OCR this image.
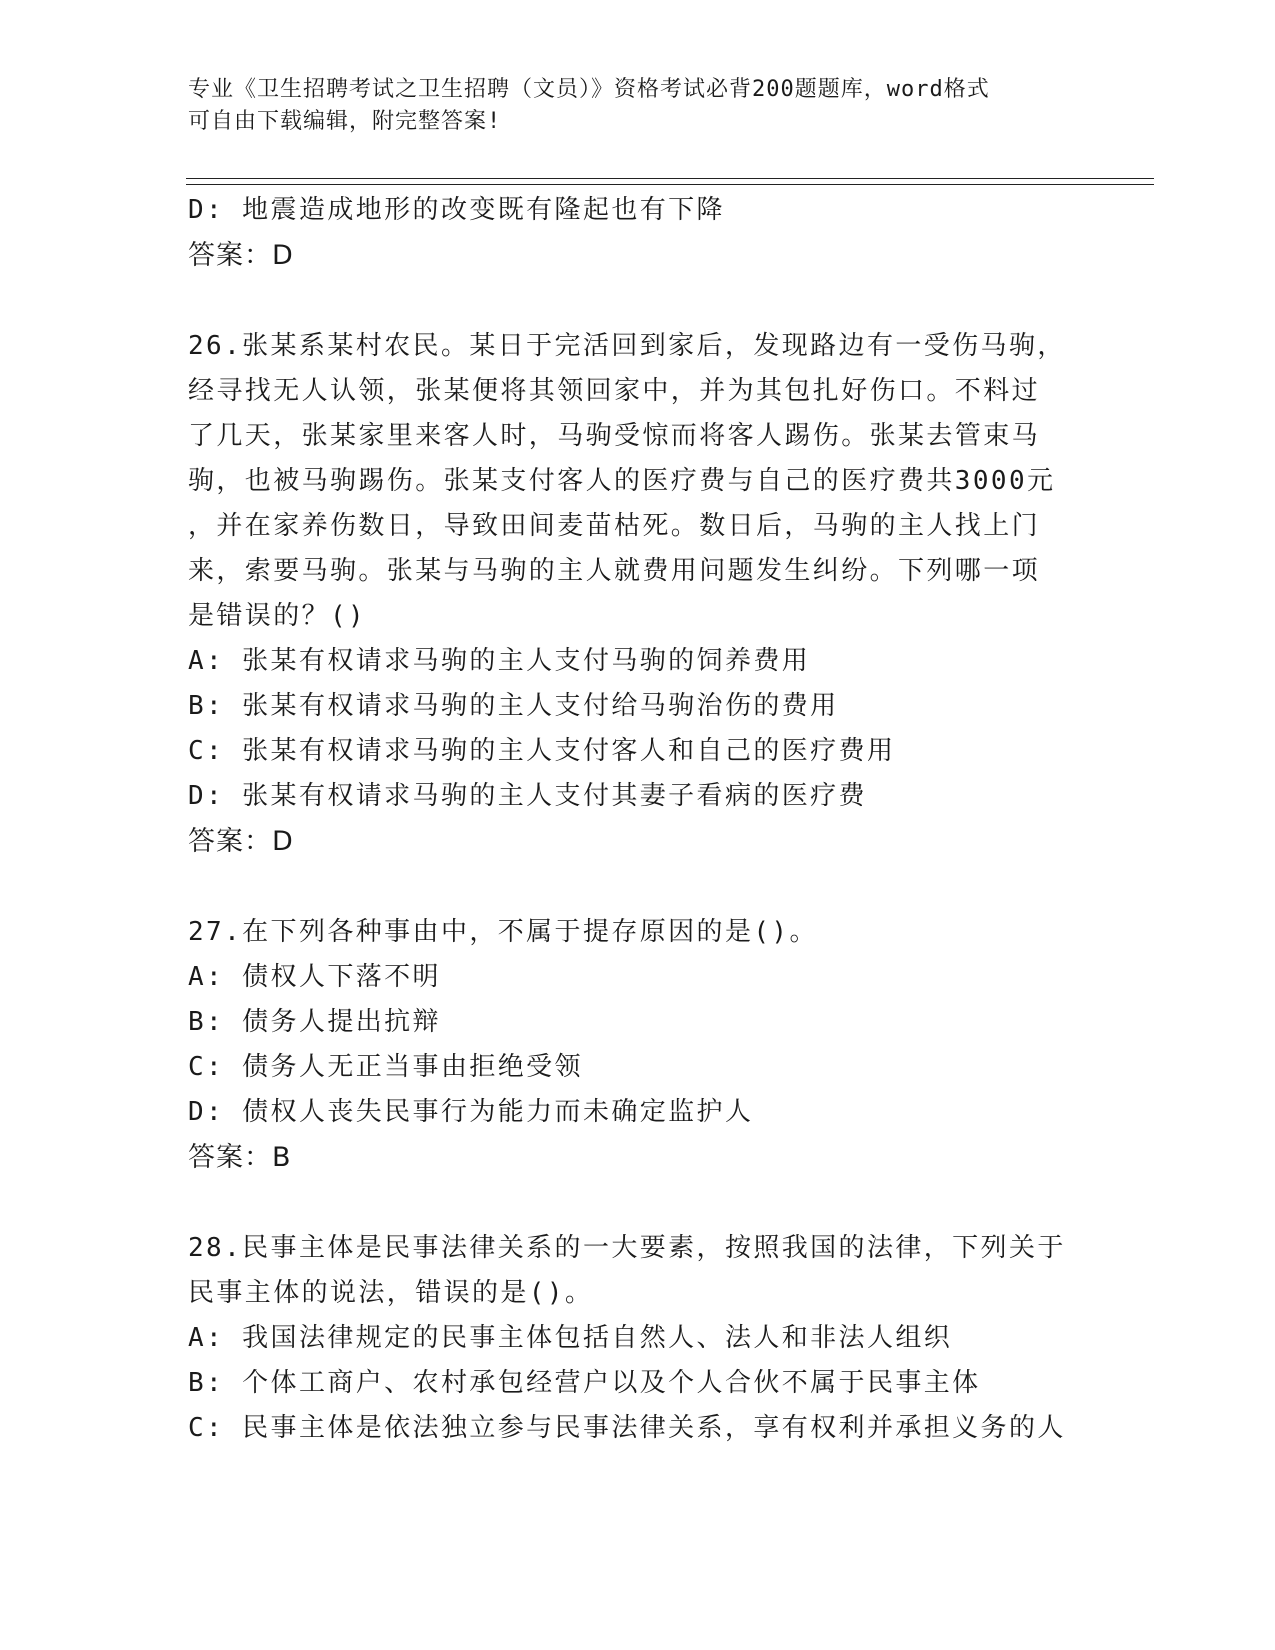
专业《卫生招聘考试之卫生招聘（文员）》资格考试必背200题题库，word格式
可自由下载编辑，附完整答案!
D: 地震造成地形的改变既有隆起也有下降
答案：D
26.张某系某村农民。某日于完活回到家后，发现路边有一受伤马驹，
经寻找无人认领，张某便将其领回家中，并为其包扎好伤口。不料过
了几天，张某家里来客人时，马驹受惊而将客人踢伤。张某去管束马
驹，也被马驹踢伤。张某支付客人的医疗费与自己的医疗费共3000元
，并在家养伤数日，导致田间麦苗枯死。数日后，马驹的主人找上门
来，索要马驹。张某与马驹的主人就费用问题发生纠纷。下列哪一项
是错误的？()
A: 张某有权请求马驹的主人支付马驹的饲养费用
B: 张某有权请求马驹的主人支付给马驹治伤的费用
C: 张某有权请求马驹的主人支付客人和自己的医疗费用
D: 张某有权请求马驹的主人支付其妻子看病的医疗费
答案：D
27.在下列各种事由中，不属于提存原因的是()。
A: 债权人下落不明
B: 债务人提出抗辩
C: 债务人无正当事由拒绝受领
D: 债权人丧失民事行为能力而未确定监护人
答案：B
28.民事主体是民事法律关系的一大要素，按照我国的法律，下列关于
民事主体的说法，错误的是()。
A: 我国法律规定的民事主体包括自然人、法人和非法人组织
B: 个体工商户、农村承包经营户以及个人合伙不属于民事主体
C: 民事主体是依法独立参与民事法律关系，享有权利并承担义务的人
